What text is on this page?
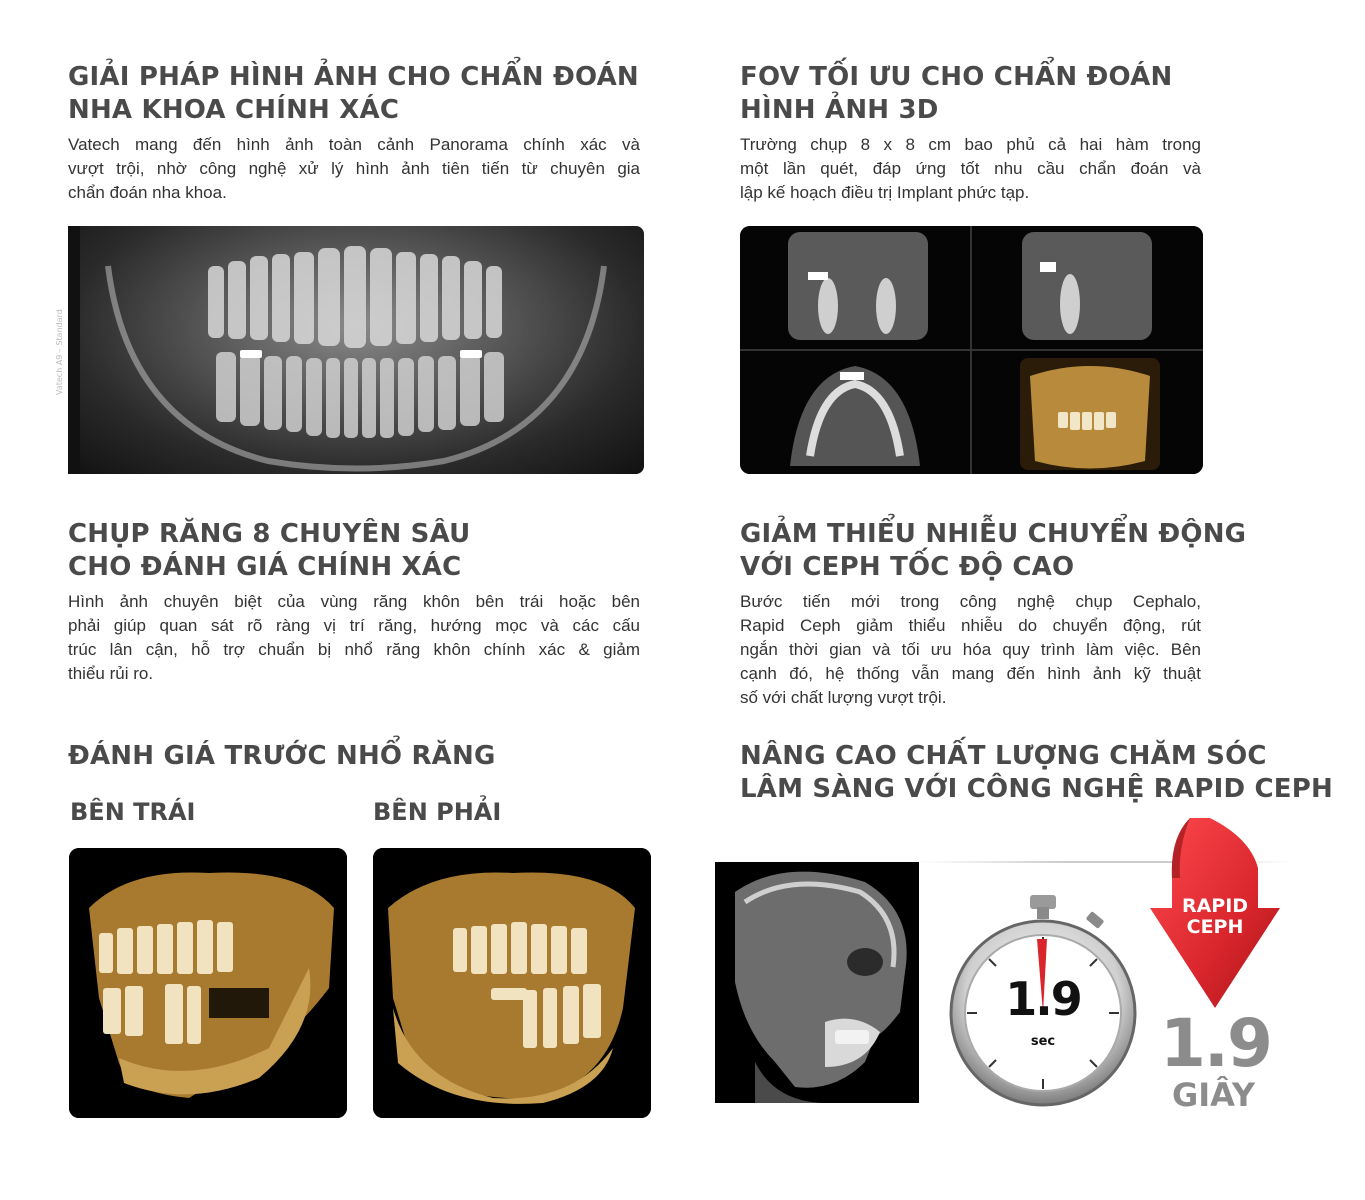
GIẢI PHÁP HÌNH ẢNH CHO CHẨN ĐOÁN
NHA KHOA CHÍNH XÁC
Vatech mang đến hình ảnh toàn cảnh Panorama chính xác và
vượt trội, nhờ công nghệ xử lý hình ảnh tiên tiến từ chuyên gia
chẩn đoán nha khoa.
Vatech A9 – Standard
FOV TỐI ƯU CHO CHẨN ĐOÁN
HÌNH ẢNH 3D
Trường chụp 8 x 8 cm bao phủ cả hai hàm trong
một lần quét, đáp ứng tốt nhu cầu chẩn đoán và
lập kế hoạch điều trị Implant phức tạp.
CHỤP RĂNG 8 CHUYÊN SÂU
CHO ĐÁNH GIÁ CHÍNH XÁC
Hình ảnh chuyên biệt của vùng răng khôn bên trái hoặc bên
phải giúp quan sát rõ ràng vị trí răng, hướng mọc và các cấu
trúc lân cận, hỗ trợ chuẩn bị nhổ răng khôn chính xác & giảm
thiểu rủi ro.
GIẢM THIỂU NHIỄU CHUYỂN ĐỘNG
VỚI CEPH TỐC ĐỘ CAO
Bước tiến mới trong công nghệ chụp Cephalo,
Rapid Ceph giảm thiểu nhiễu do chuyển động, rút
ngắn thời gian và tối ưu hóa quy trình làm việc. Bên
cạnh đó, hệ thống vẫn mang đến hình ảnh kỹ thuật
số với chất lượng vượt trội.
ĐÁNH GIÁ TRƯỚC NHỔ RĂNG
BÊN TRÁI	BÊN PHẢI
NÂNG CAO CHẤT LƯỢNG CHĂM SÓC
LÂM SÀNG VỚI CÔNG NGHỆ RAPID CEPH
1.9
sec
RAPID
CEPH
1.9
GIÂY
